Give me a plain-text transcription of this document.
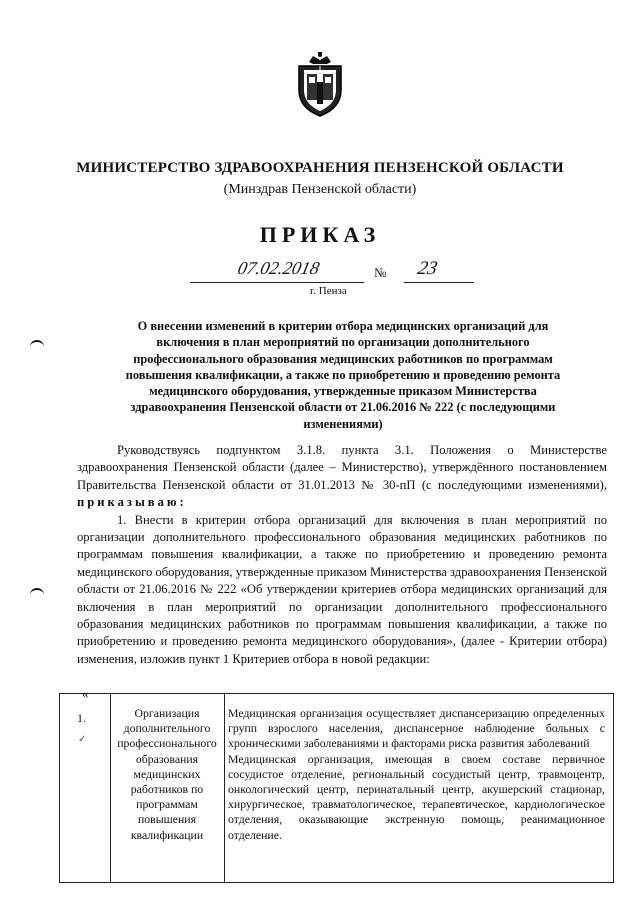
МИНИСТЕРСТВО ЗДРАВООХРАНЕНИЯ ПЕНЗЕНСКОЙ ОБЛАСТИ
(Минздрав Пензенской области)
ПРИКАЗ
07.02.2018	№ 23
г. Пенза
О внесении изменений в критерии отбора медицинских организаций для включения в план мероприятий по организации дополнительного профессионального образования медицинских работников по программам повышения квалификации, а также по приобретению и проведению ремонта медицинского оборудования, утвержденные приказом Министерства здравоохранения Пензенской области от 21.06.2016 № 222 (с последующими изменениями)

Руководствуясь подпунктом 3.1.8. пункта 3.1. Положения о Министерстве здравоохранения Пензенской области (далее – Министерство), утверждённого постановлением Правительства Пензенской области от 31.01.2013 № 30-пП (с последующими изменениями), приказываю:

1. Внести в критерии отбора организаций для включения в план мероприятий по организации дополнительного профессионального образования медицинских работников по программам повышения квалификации, а также по приобретению и проведению ремонта медицинского оборудования, утвержденные приказом Министерства здравоохранения Пензенской области от 21.06.2016 № 222 «Об утверждении критериев отбора медицинских организаций для включения в план мероприятий по организации дополнительного профессионального образования медицинских работников по программам повышения квалификации, а также по приобретению и проведению ремонта медицинского оборудования», (далее - Критерии отбора) изменения, изложив пункт 1 Критериев отбора в новой редакции:

«
1.
✓
Организация дополнительного профессионального образования медицинских работников по программам повышения квалификации

Медицинская организация осуществляет диспансеризацию определенных групп взрослого населения, диспансерное наблюдение больных с хроническими заболеваниями и факторами риска развития заболеваний

Медицинская организация, имеющая в своем составе первичное сосудистое отделение, региональный сосудистый центр, травмоцентр, онкологический центр, перинатальный центр, акушерский стационар, хирургическое, травматологическое, терапевтическое, кардиологическое отделения, оказывающие экстренную помощь, реанимационное отделение.
